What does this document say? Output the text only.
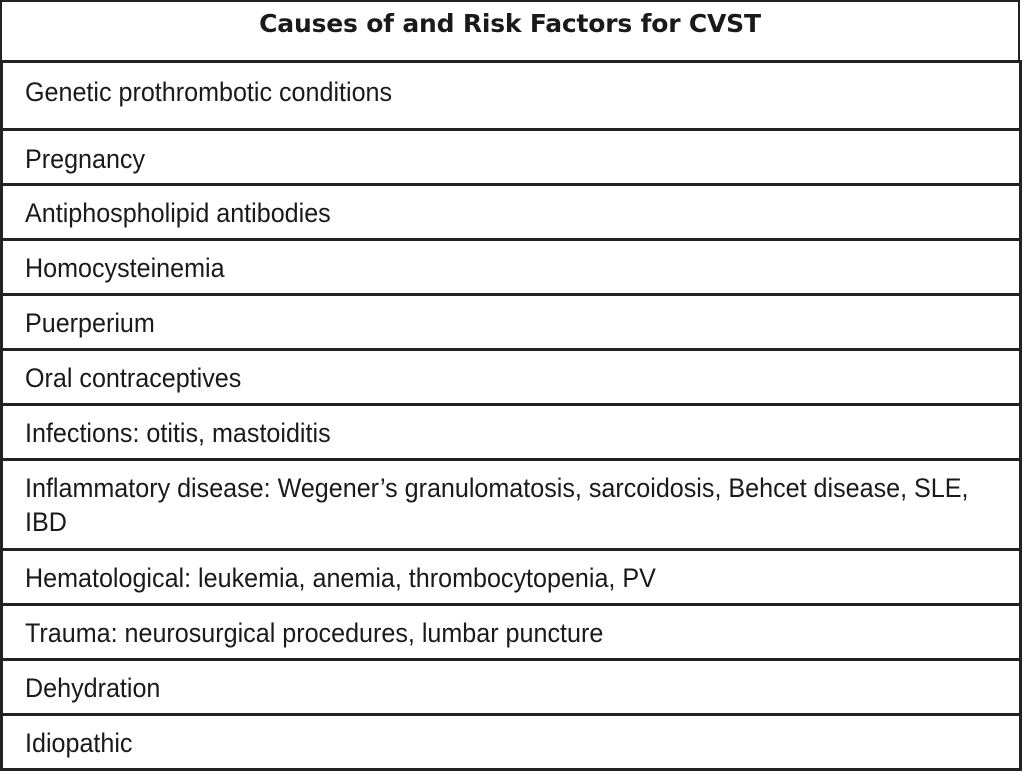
Causes of and Risk Factors for CVST
Genetic prothrombotic conditions
Pregnancy
Antiphospholipid antibodies
Homocysteinemia
Puerperium
Oral contraceptives
Infections: otitis, mastoiditis
Inflammatory disease: Wegener’s granulomatosis, sarcoidosis, Behcet disease, SLE, IBD
Hematological: leukemia, anemia, thrombocytopenia, PV
Trauma: neurosurgical procedures, lumbar puncture
Dehydration
Idiopathic
